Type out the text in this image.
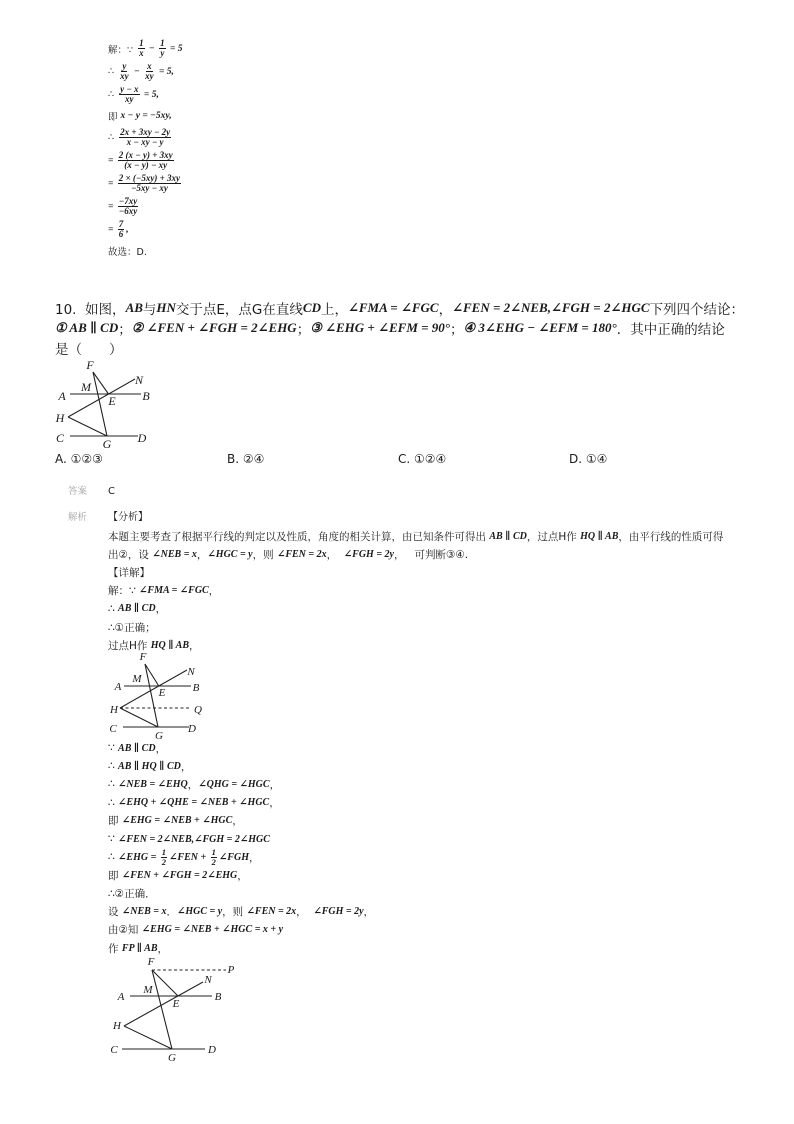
解：∵ $\frac{1}{x} - \frac{1}{y} = 5$
∴ $\frac{y}{xy} - \frac{x}{xy} = 5$,
∴ $\frac{y - x}{xy} = 5$,
即 x − y = −5xy,
∴ $\frac{2x + 3xy - 2y}{x - xy - y}$
= $\frac{2 (x - y) + 3xy}{(x - y) - xy}$
= $\frac{2 \times (-5xy) + 3xy}{-5xy - xy}$
= $\frac{-7xy}{-6xy}$
= $\frac{7}{6}$ ,
故选：D.
10.  如图， AB 与 HN 交于点E，点G在直线 CD 上， ∠FMA = ∠FGC ， ∠FEN = 2∠NEB,∠FGH = 2∠HGC 下列四个结论：
① AB ∥ CD ； ② ∠FEN + ∠FGH = 2∠EHG ； ③ ∠EHG + ∠EFM = 90° ； ④ 3∠EHG − ∠EFM = 180° ．其中正确的结论
是（　　）
F
M	N
A	E B
H
C	G D
A. ①②③	B. ②④	C. ①②④	D. ①④
答案 C
解析 【分析】
本题主要考查了根据平行线的判定以及性质，角度的相关计算，由已知条件可得出 AB ∥ CD ，过点H作 HQ ∥ AB ，由平行线的性质可得
出②，设 ∠NEB = x ， ∠HGC = y ，则 ∠FEN = 2x ， ∠FGH = 2y ，   可判断③④.
【详解】
解：∵ ∠FMA = ∠FGC ，
∴ AB ∥ CD ，
∴①正确；
过点H作 HQ ∥ AB ，
F
M
N
A	E B
H	Q
C
G
D
∵ AB ∥ CD ，
∴ AB ∥ HQ ∥ CD ，
∴ ∠NEB = ∠EHQ ， ∠QHG = ∠HGC ，
∴ ∠EHQ + ∠QHE = ∠NEB + ∠HGC ，
即 ∠EHG = ∠NEB + ∠HGC ，
∵ ∠FEN = 2∠NEB,∠FGH = 2∠HGC
∴ ∠EHG = $\frac{1}{2}$ ∠FEN + $\frac{1}{2}$ ∠FGH ，
即 ∠FEN + ∠FGH = 2∠EHG ，
∴②正确．
设 ∠NEB = x ． ∠HGC = y ，则 ∠FEN = 2x ， ∠FGH = 2y ，
由②知 ∠EHG = ∠NEB + ∠HGC = x + y
作 FP ∥ AB ，
F
P
N
M
A
E
B
H
C
G
D
